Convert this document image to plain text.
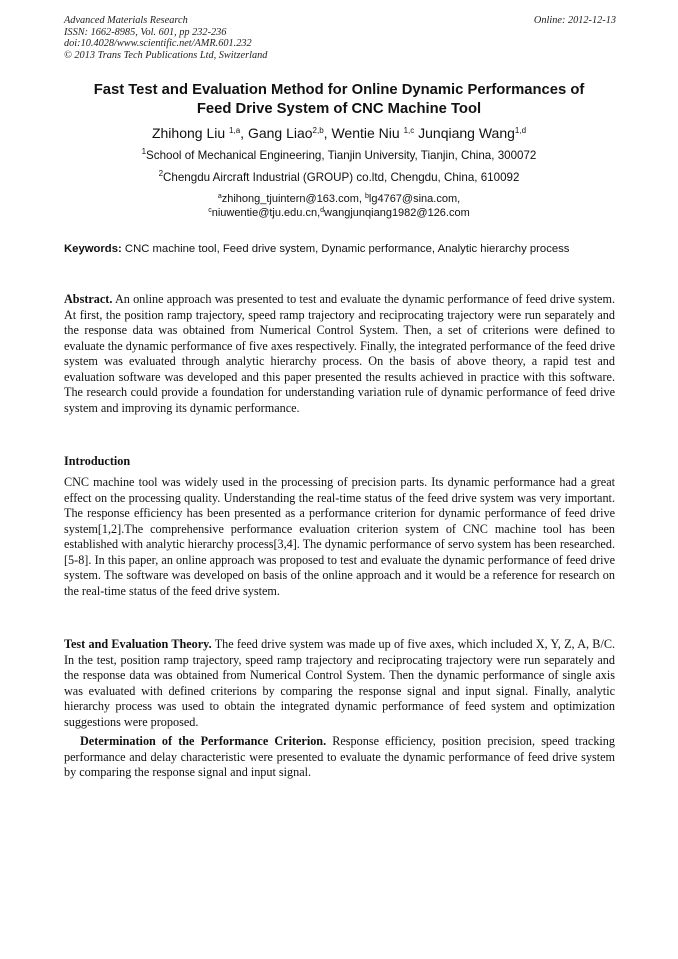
Advanced Materials Research
ISSN: 1662-8985, Vol. 601, pp 232-236
doi:10.4028/www.scientific.net/AMR.601.232
© 2013 Trans Tech Publications Ltd, Switzerland
Online: 2012-12-13
Fast Test and Evaluation Method for Online Dynamic Performances of
Feed Drive System of CNC Machine Tool
Zhihong Liu $^{1,a}$, Gang Liao$^{2,b}$, Wentie Niu $^{1,c}$ Junqiang Wang$^{1,d}$
$^1$School of Mechanical Engineering, Tianjin University, Tianjin, China, 300072
$^2$Chengdu Aircraft Industrial (GROUP) co.ltd, Chengdu, China, 610092
$^a$zhihong_tjuintern@163.com, $^b$lg4767@sina.com,
$^c$niuwentie@tju.edu.cn,$^d$wangjunqiang1982@126.com
Keywords: CNC machine tool, Feed drive system, Dynamic performance, Analytic hierarchy process
Abstract. An online approach was presented to test and evaluate the dynamic performance of feed drive system. At first, the position ramp trajectory, speed ramp trajectory and reciprocating trajectory were run separately and the response data was obtained from Numerical Control System. Then, a set of criterions were defined to evaluate the dynamic performance of five axes respectively. Finally, the integrated performance of the feed drive system was evaluated through analytic hierarchy process. On the basis of above theory, a rapid test and evaluation software was developed and this paper presented the results achieved in practice with this software. The research could provide a foundation for understanding variation rule of dynamic performance of feed drive system and improving its dynamic performance.
Introduction
CNC machine tool was widely used in the processing of precision parts. Its dynamic performance had a great effect on the processing quality. Understanding the real-time status of the feed drive system was very important. The response efficiency has been presented as a performance criterion for dynamic performance of feed drive system[1,2].The comprehensive performance evaluation criterion system of CNC machine tool has been established with analytic hierarchy process[3,4]. The dynamic performance of servo system has been researched. [5-8]. In this paper, an online approach was proposed to test and evaluate the dynamic performance of feed drive system. The software was developed on basis of the online approach and it would be a reference for research on the real-time status of the feed drive system.
Test and Evaluation Theory. The feed drive system was made up of five axes, which included X, Y, Z, A, B/C. In the test, position ramp trajectory, speed ramp trajectory and reciprocating trajectory were run separately and the response data was obtained from Numerical Control System. Then the dynamic performance of single axis was evaluated with defined criterions by comparing the response signal and input signal. Finally, analytic hierarchy process was used to obtain the integrated dynamic performance of feed system and optimization suggestions were proposed.
Determination of the Performance Criterion. Response efficiency, position precision, speed tracking performance and delay characteristic were presented to evaluate the dynamic performance of feed drive system by comparing the response signal and input signal.
